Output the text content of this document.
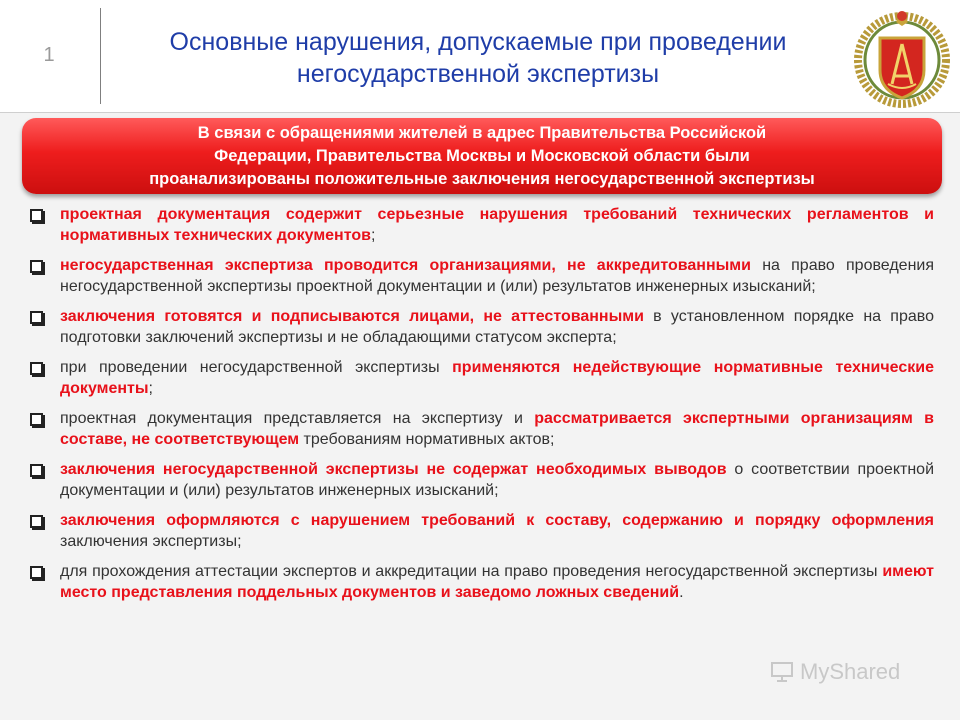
1	Основные нарушения, допускаемые при проведении
негосударственной экспертизы
В связи с обращениями жителей в адрес Правительства Российской
Федерации, Правительства Москвы и Московской области были
проанализированы положительные заключения негосударственной экспертизы
проектная документация содержит серьезные нарушения требований технических регламентов и нормативных технических документов;
негосударственная экспертиза проводится организациями, не аккредитованными на право проведения негосударственной экспертизы проектной документации и (или) результатов инженерных изысканий;
заключения готовятся и подписываются лицами, не аттестованными в установленном порядке на право подготовки заключений экспертизы и не обладающими статусом эксперта;
при проведении негосударственной экспертизы применяются недействующие нормативные технические документы;
проектная документация представляется на экспертизу и рассматривается экспертными организациям в составе, не соответствующем требованиям нормативных актов;
заключения негосударственной экспертизы не содержат необходимых выводов о соответствии проектной документации и (или) результатов инженерных изысканий;
заключения оформляются с нарушением требований к составу, содержанию и порядку оформления заключения экспертизы;
для прохождения аттестации экспертов и аккредитации на право проведения негосударственной экспертизы имеют место представления поддельных документов и заведомо ложных сведений.
MyShared
